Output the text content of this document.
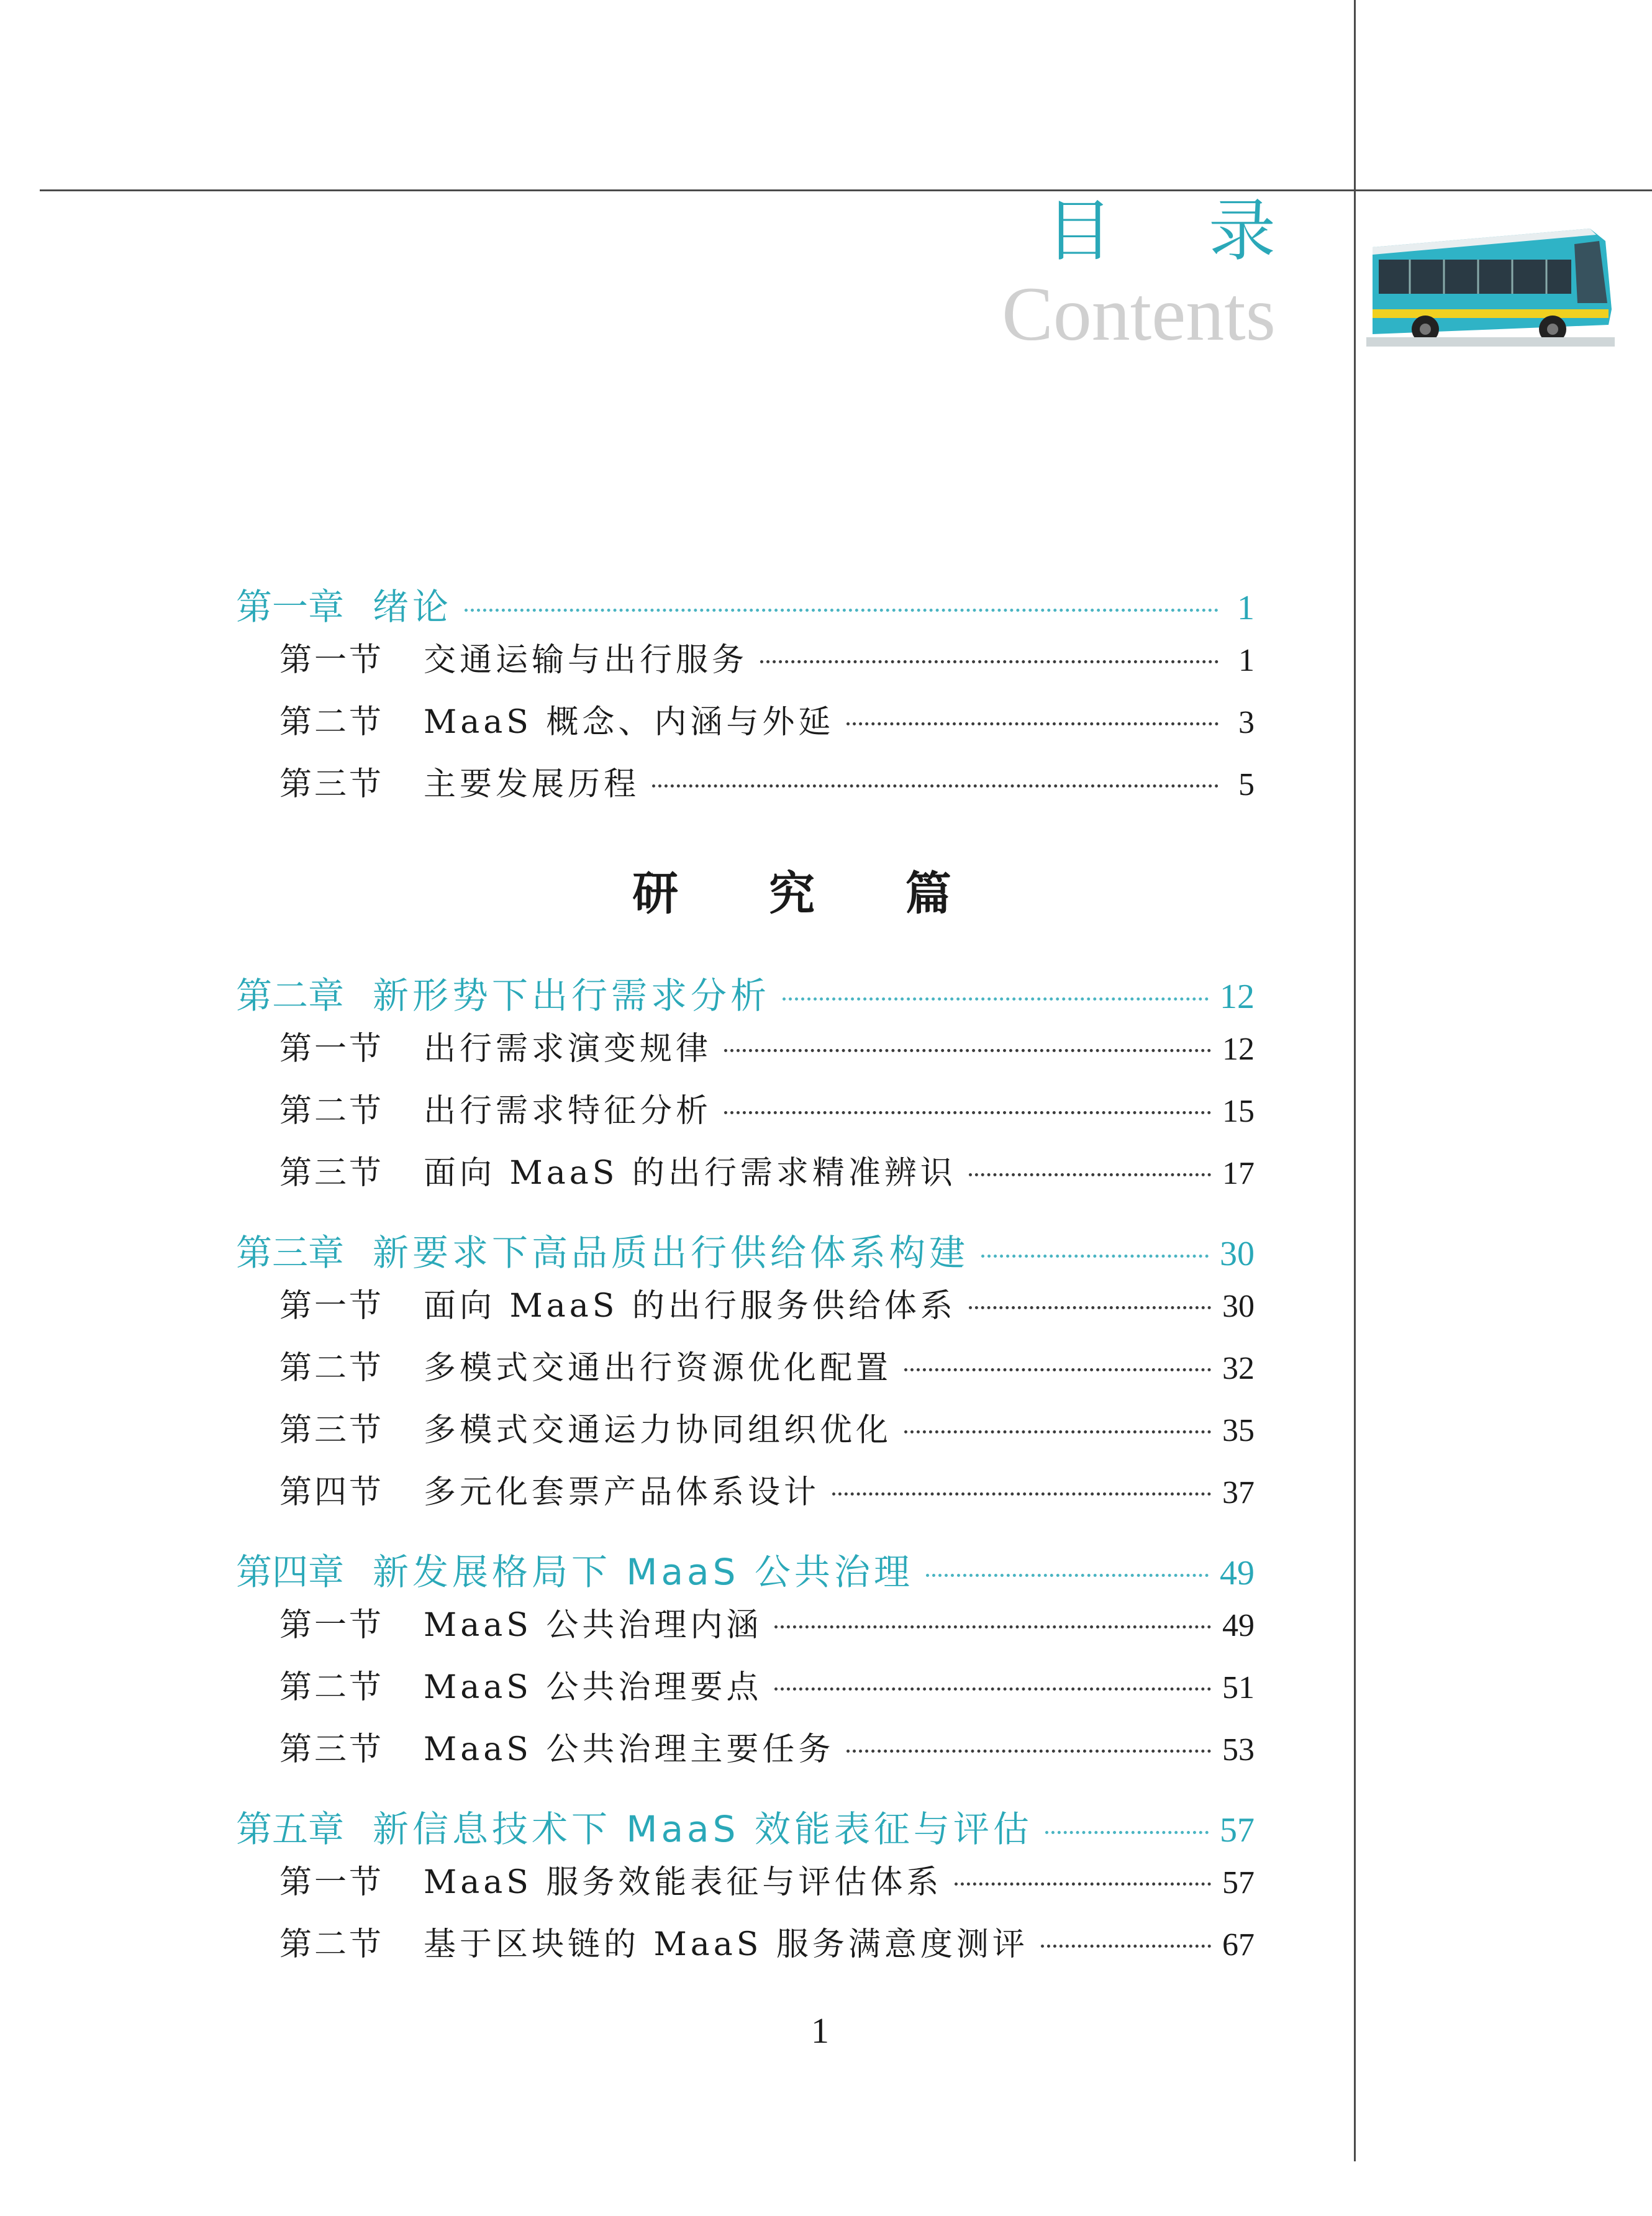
目 录
Contents
第一章 绪论	1
第一节	交通运输与出行服务	1
第二节	MaaS 概念、内涵与外延	3
第三节	主要发展历程	5
研 究 篇
第二章 新形势下出行需求分析	12
第一节	出行需求演变规律	12
第二节	出行需求特征分析	15
第三节	面向 MaaS 的出行需求精准辨识	17
第三章 新要求下高品质出行供给体系构建	30
第一节	面向 MaaS 的出行服务供给体系	30
第二节	多模式交通出行资源优化配置	32
第三节	多模式交通运力协同组织优化	35
第四节	多元化套票产品体系设计	37
第四章 新发展格局下 MaaS 公共治理	49
第一节	MaaS 公共治理内涵	49
第二节	MaaS 公共治理要点	51
第三节	MaaS 公共治理主要任务	53
第五章 新信息技术下 MaaS 效能表征与评估	57
第一节	MaaS 服务效能表征与评估体系	57
第二节	基于区块链的 MaaS 服务满意度测评	67
1
